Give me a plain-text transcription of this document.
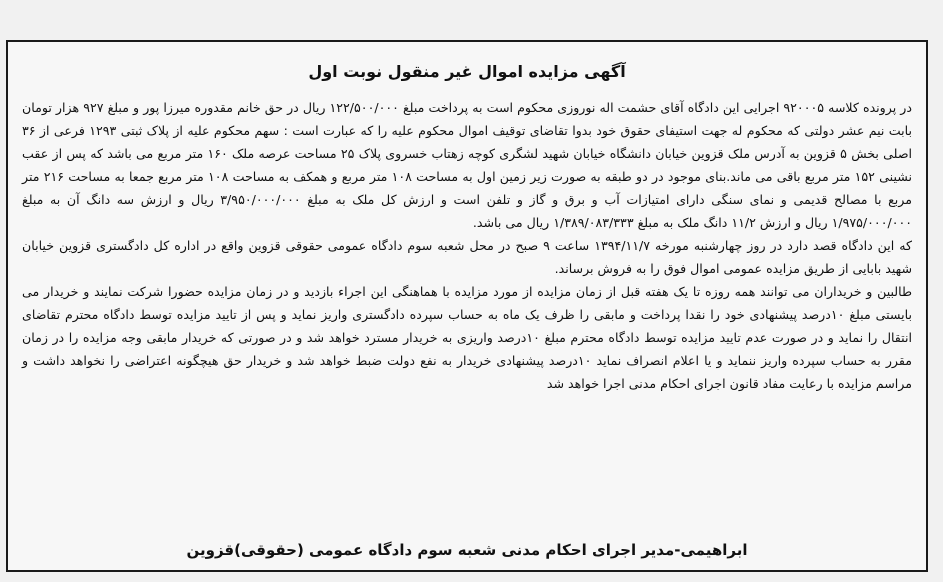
آگهی مزایده اموال غیر منقول نوبت اول

در پرونده کلاسه ۹۲۰۰۰۵ اجرایی این دادگاه آقای حشمت اله نوروزی محکوم است به پرداخت مبلغ ۱۲۲/۵۰۰/۰۰۰ ریال در حق خانم مقدوره میرزا پور و مبلغ ۹۲۷ هزار تومان بابت نیم عشر دولتی که محکوم له جهت استیفای حقوق خود بدوا تقاضای توقیف اموال محکوم علیه را که عبارت است : سهم محکوم علیه از پلاک ثبتی ۱۲۹۳ فرعی از ۳۶ اصلی بخش ۵ قزوین به آدرس ملک قزوین خیابان دانشگاه خیابان شهید لشگری کوچه زهتاب خسروی پلاک ۲۵ مساحت عرصه ملک ۱۶۰ متر مربع می باشد که پس از عقب نشینی ۱۵۲ متر مربع باقی می ماند.بنای موجود در دو طبقه به صورت زیر زمین اول به مساحت ۱۰۸ متر مربع و همکف به مساحت ۱۰۸ متر مربع جمعا به مساحت ۲۱۶ متر مربع با مصالح قدیمی و نمای سنگی دارای امتیازات آب و برق و گاز و تلفن است و ارزش کل ملک به مبلغ ۳/۹۵۰/۰۰۰/۰۰۰ ریال و ارزش سه دانگ آن به مبلغ ۱/۹۷۵/۰۰۰/۰۰۰ ریال و ارزش ۱۱/۲ دانگ ملک به مبلغ ۱/۳۸۹/۰۸۳/۳۳۳ ریال می باشد.

که این دادگاه قصد دارد در روز چهارشنبه مورخه ۱۳۹۴/۱۱/۷ ساعت ۹ صبح در محل شعبه سوم دادگاه عمومی حقوقی قزوین واقع در اداره کل دادگستری قزوین خیابان شهید بابایی از طریق مزایده عمومی اموال فوق را به فروش برساند.

طالبین و خریداران می توانند همه روزه تا یک هفته قبل از زمان مزایده از مورد مزایده با هماهنگی این اجراء بازدید و در زمان مزایده حضورا شرکت نمایند و خریدار می بایستی مبلغ ۱۰درصد پیشنهادی خود را نقدا پرداخت و مابقی را ظرف یک ماه به حساب سپرده دادگستری واریز نماید و پس از تایید مزایده توسط دادگاه محترم تقاضای انتقال را نماید و در صورت عدم تایید مزایده توسط دادگاه محترم مبلغ ۱۰درصد واریزی به خریدار مسترد خواهد شد و در صورتی که خریدار مابقی وجه مزایده را در زمان مقرر به حساب سپرده واریز ننماید و یا اعلام انصراف نماید ۱۰درصد پیشنهادی خریدار به نفع دولت ضبط خواهد شد و خریدار حق هیچگونه اعتراضی را نخواهد داشت و مراسم مزایده با رعایت مفاد قانون اجرای احکام مدنی اجرا خواهد شد

ابراهیمی-مدیر اجرای احکام مدنی شعبه سوم دادگاه عمومی (حقوقی)قزوین
